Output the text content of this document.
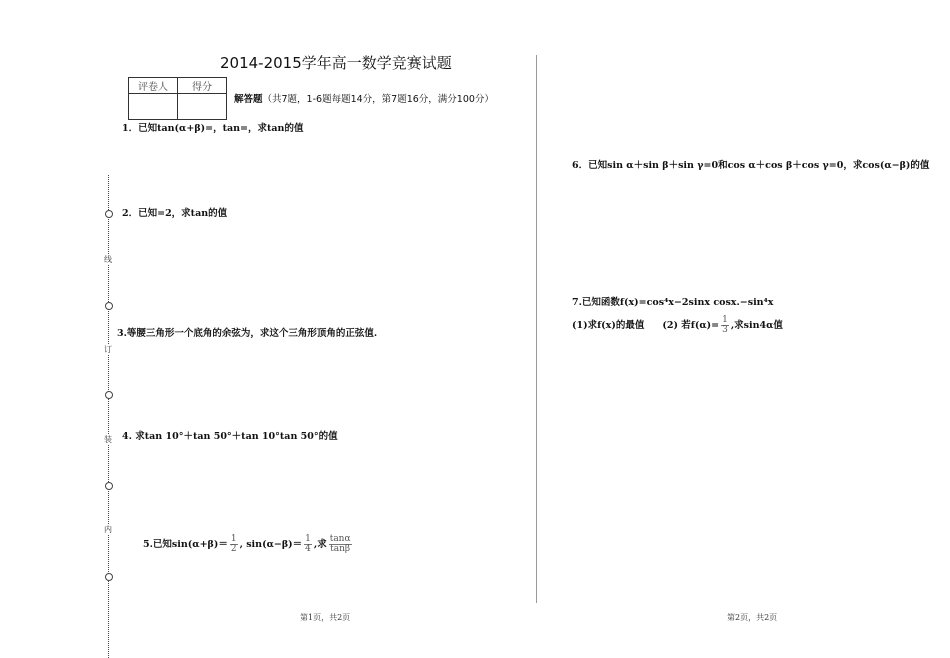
2014-2015学年高一数学竞赛试题
评卷人	得分

解答题（共7题，1-6题每题14分，第7题16分，满分100分）
1．已知tan(α+β)=，tan=，求tan的值
2．已知=2，求tan的值
3.等腰三角形一个底角的余弦为，求这个三角形顶角的正弦值.
4. 求tan 10°＋tan 50°＋tan 10°tan 50°的值
5.已知$\sin(\alpha+\beta)= \frac{1}{2}$ , $\sin(\alpha-\beta)= \frac{1}{4}$ ,求 $\frac{\tan\alpha}{\tan\beta}$
第1页，共2页
线
订
装
内
6．已知sin α＋sin β＋sin γ=0和cos α＋cos β＋cos γ=0，求cos(α−β)的值
7.已知函数f(x)=cos⁴x−2sinx cosx.−sin⁴x
(1)求f(x)的最值 (2) 若$f(\alpha)= \frac{1}{3}$ ,求sin4α值
第2页，共2页
